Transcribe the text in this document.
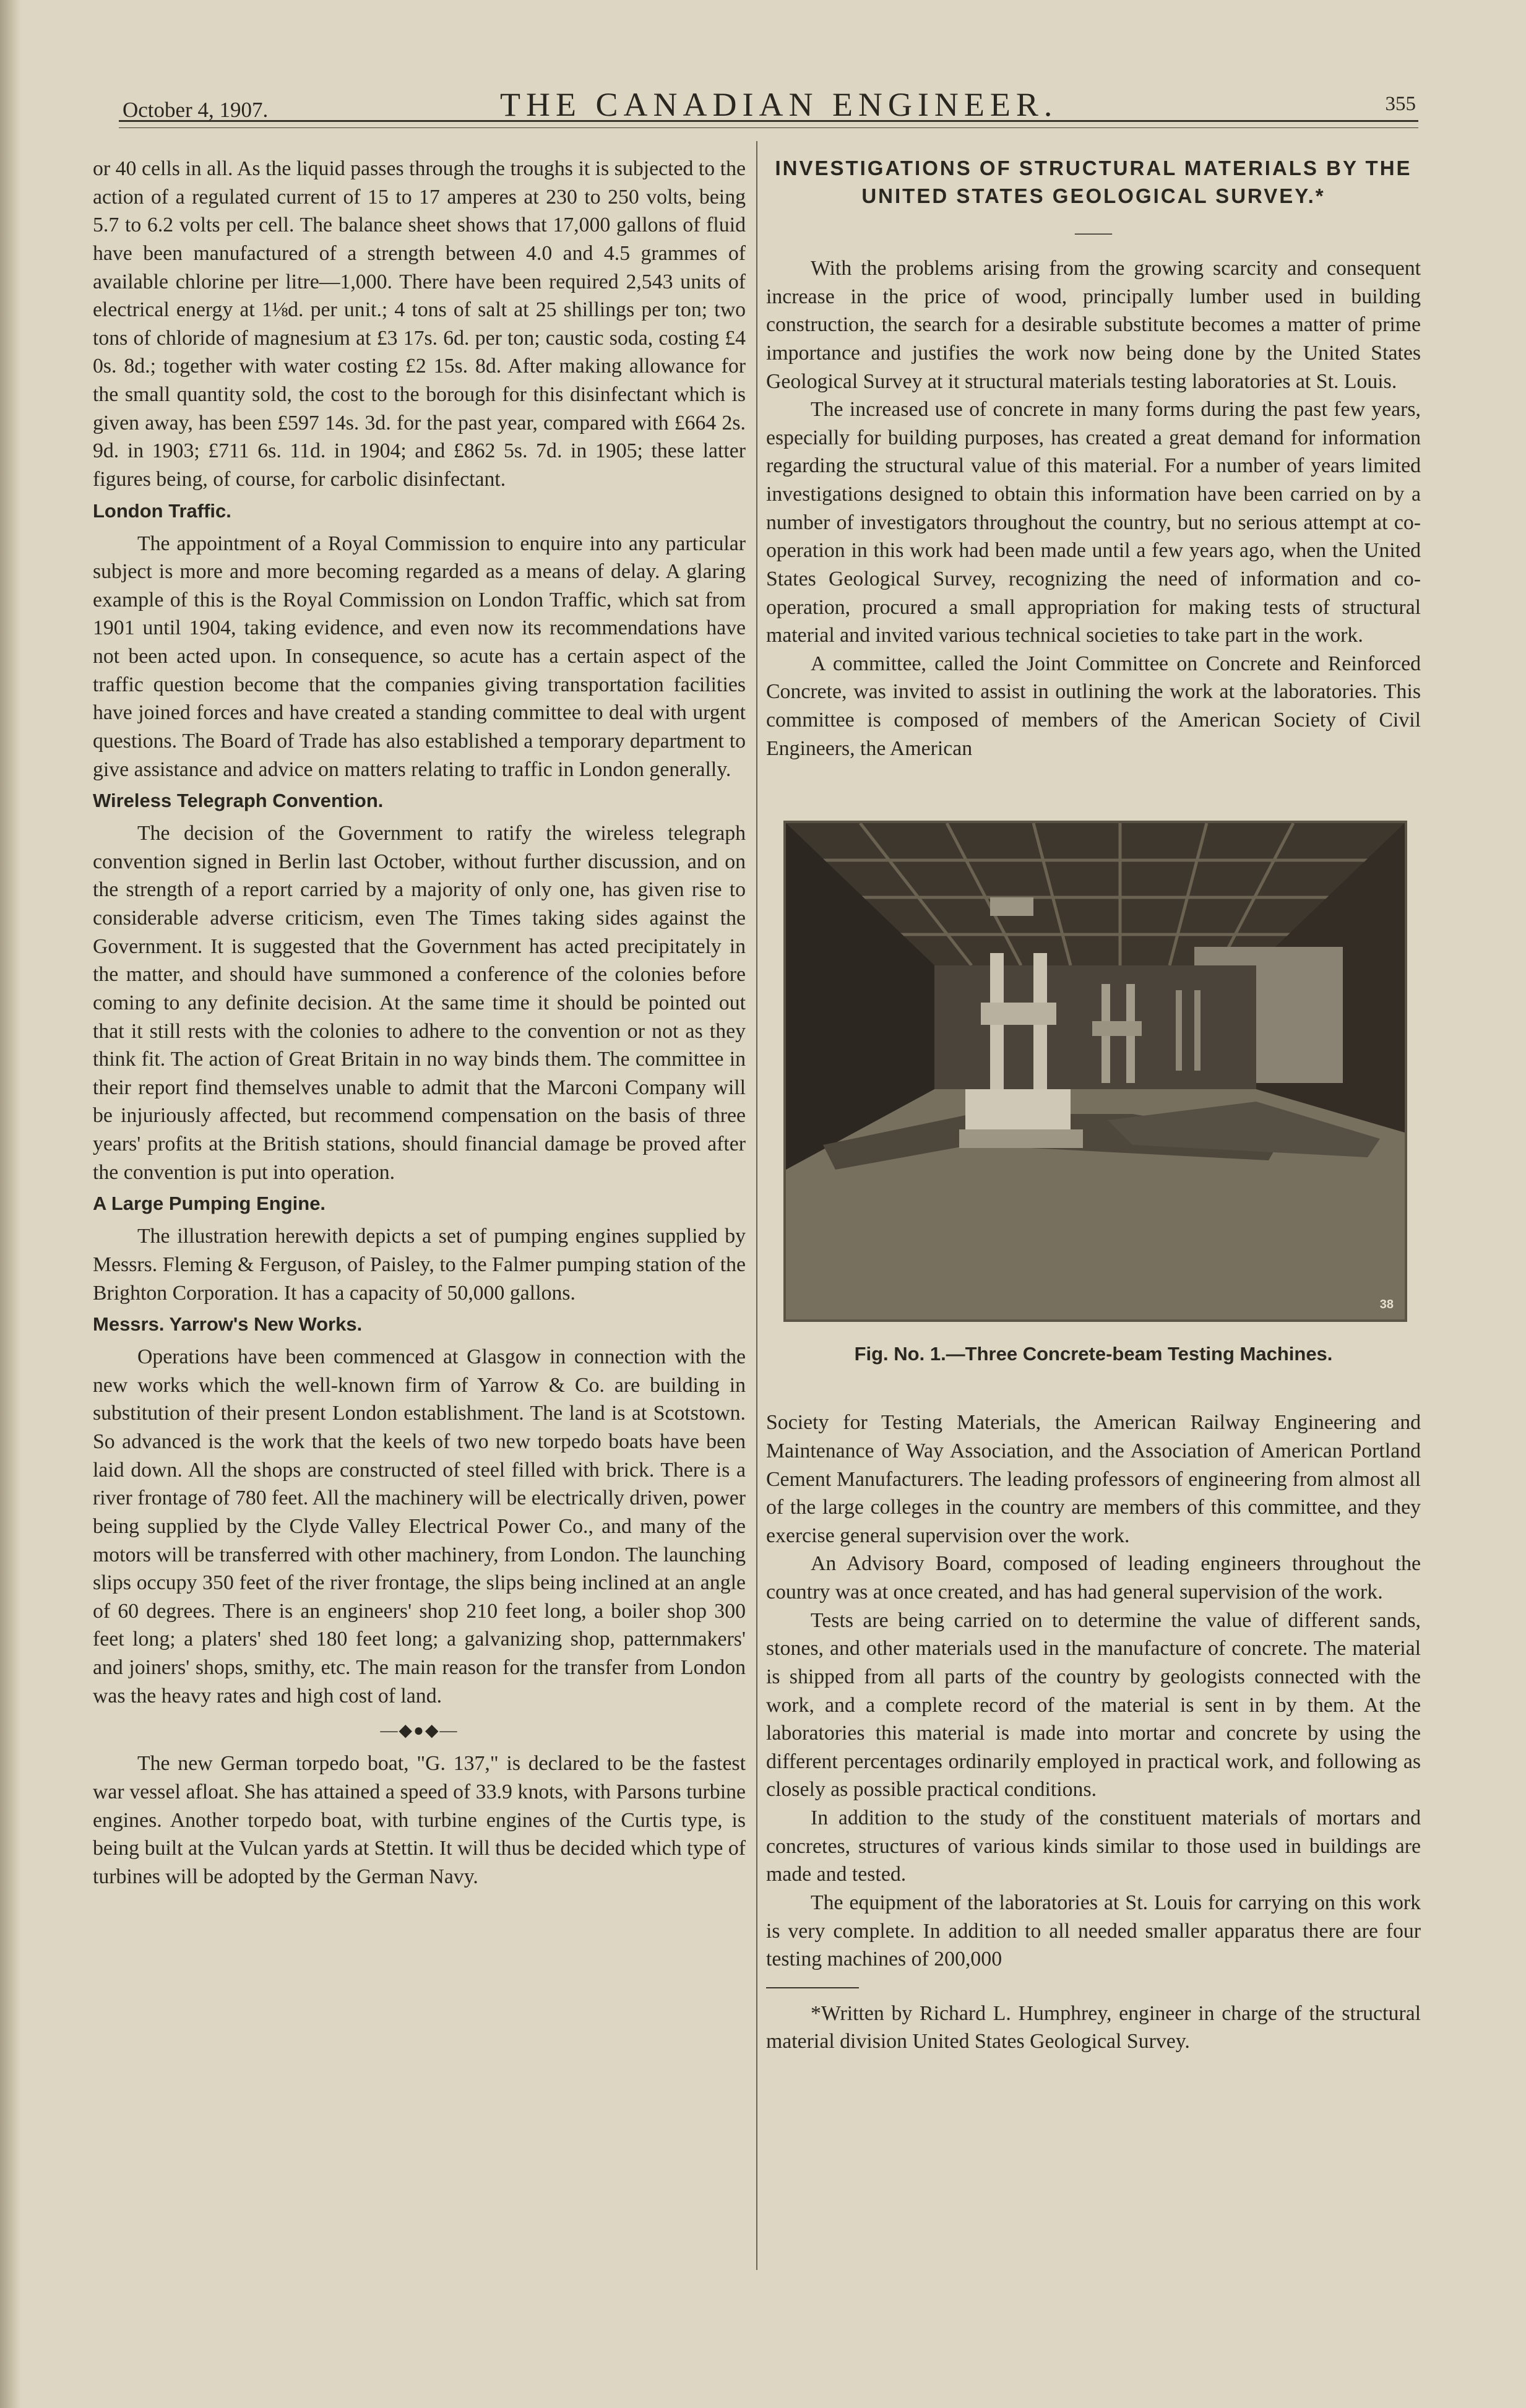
October 4, 1907.	THE CANADIAN ENGINEER.	355

or 40 cells in all. As the liquid passes through the troughs it is subjected to the action of a regulated current of 15 to 17 amperes at 230 to 250 volts, being 5.7 to 6.2 volts per cell. The balance sheet shows that 17,000 gallons of fluid have been manufactured of a strength between 4.0 and 4.5 grammes of available chlorine per litre—1,000. There have been required 2,543 units of electrical energy at 1⅛d. per unit.; 4 tons of salt at 25 shillings per ton; two tons of chloride of magnesium at £3 17s. 6d. per ton; caustic soda, costing £4 0s. 8d.; together with water costing £2 15s. 8d. After making allowance for the small quantity sold, the cost to the borough for this disinfectant which is given away, has been £597 14s. 3d. for the past year, compared with £664 2s. 9d. in 1903; £711 6s. 11d. in 1904; and £862 5s. 7d. in 1905; these latter figures being, of course, for carbolic disinfectant.

London Traffic.

The appointment of a Royal Commission to enquire into any particular subject is more and more becoming regarded as a means of delay. A glaring example of this is the Royal Commission on London Traffic, which sat from 1901 until 1904, taking evidence, and even now its recommendations have not been acted upon. In consequence, so acute has a certain aspect of the traffic question become that the companies giving transportation facilities have joined forces and have created a standing committee to deal with urgent questions. The Board of Trade has also established a temporary department to give assistance and advice on matters relating to traffic in London generally.

Wireless Telegraph Convention.

The decision of the Government to ratify the wireless telegraph convention signed in Berlin last October, without further discussion, and on the strength of a report carried by a majority of only one, has given rise to considerable adverse criticism, even The Times taking sides against the Government. It is suggested that the Government has acted precipitately in the matter, and should have summoned a conference of the colonies before coming to any definite decision. At the same time it should be pointed out that it still rests with the colonies to adhere to the convention or not as they think fit. The action of Great Britain in no way binds them. The committee in their report find themselves unable to admit that the Marconi Company will be injuriously affected, but recommend compensation on the basis of three years' profits at the British stations, should financial damage be proved after the convention is put into operation.

A Large Pumping Engine.

The illustration herewith depicts a set of pumping engines supplied by Messrs. Fleming & Ferguson, of Paisley, to the Falmer pumping station of the Brighton Corporation. It has a capacity of 50,000 gallons.

Messrs. Yarrow's New Works.

Operations have been commenced at Glasgow in connection with the new works which the well-known firm of Yarrow & Co. are building in substitution of their present London establishment. The land is at Scotstown. So advanced is the work that the keels of two new torpedo boats have been laid down. All the shops are constructed of steel filled with brick. There is a river frontage of 780 feet. All the machinery will be electrically driven, power being supplied by the Clyde Valley Electrical Power Co., and many of the motors will be transferred with other machinery, from London. The launching slips occupy 350 feet of the river frontage, the slips being inclined at an angle of 60 degrees. There is an engineers' shop 210 feet long, a boiler shop 300 feet long; a platers' shed 180 feet long; a galvanizing shop, patternmakers' and joiners' shops, smithy, etc. The main reason for the transfer from London was the heavy rates and high cost of land.

—◆●◆—

The new German torpedo boat, "G. 137," is declared to be the fastest war vessel afloat. She has attained a speed of 33.9 knots, with Parsons turbine engines. Another torpedo boat, with turbine engines of the Curtis type, is being built at the Vulcan yards at Stettin. It will thus be decided which type of turbines will be adopted by the German Navy.

INVESTIGATIONS OF STRUCTURAL MATERIALS BY THE UNITED STATES GEOLOGICAL SURVEY.*
——

With the problems arising from the growing scarcity and consequent increase in the price of wood, principally lumber used in building construction, the search for a desirable substitute becomes a matter of prime importance and justifies the work now being done by the United States Geological Survey at it structural materials testing laboratories at St. Louis.

The increased use of concrete in many forms during the past few years, especially for building purposes, has created a great demand for information regarding the structural value of this material. For a number of years limited investigations designed to obtain this information have been carried on by a number of investigators throughout the country, but no serious attempt at co-operation in this work had been made until a few years ago, when the United States Geological Survey, recognizing the need of information and co-operation, procured a small appropriation for making tests of structural material and invited various technical societies to take part in the work.

A committee, called the Joint Committee on Concrete and Reinforced Concrete, was invited to assist in outlining the work at the laboratories. This committee is composed of members of the American Society of Civil Engineers, the American

38
Fig. No. 1.—Three Concrete-beam Testing Machines.

Society for Testing Materials, the American Railway Engineering and Maintenance of Way Association, and the Association of American Portland Cement Manufacturers. The leading professors of engineering from almost all of the large colleges in the country are members of this committee, and they exercise general supervision over the work.

An Advisory Board, composed of leading engineers throughout the country was at once created, and has had general supervision of the work.

Tests are being carried on to determine the value of different sands, stones, and other materials used in the manufacture of concrete. The material is shipped from all parts of the country by geologists connected with the work, and a complete record of the material is sent in by them. At the laboratories this material is made into mortar and concrete by using the different percentages ordinarily employed in practical work, and following as closely as possible practical conditions.

In addition to the study of the constituent materials of mortars and concretes, structures of various kinds similar to those used in buildings are made and tested.

The equipment of the laboratories at St. Louis for carrying on this work is very complete. In addition to all needed smaller apparatus there are four testing machines of 200,000

*Written by Richard L. Humphrey, engineer in charge of the structural material division United States Geological Survey.
